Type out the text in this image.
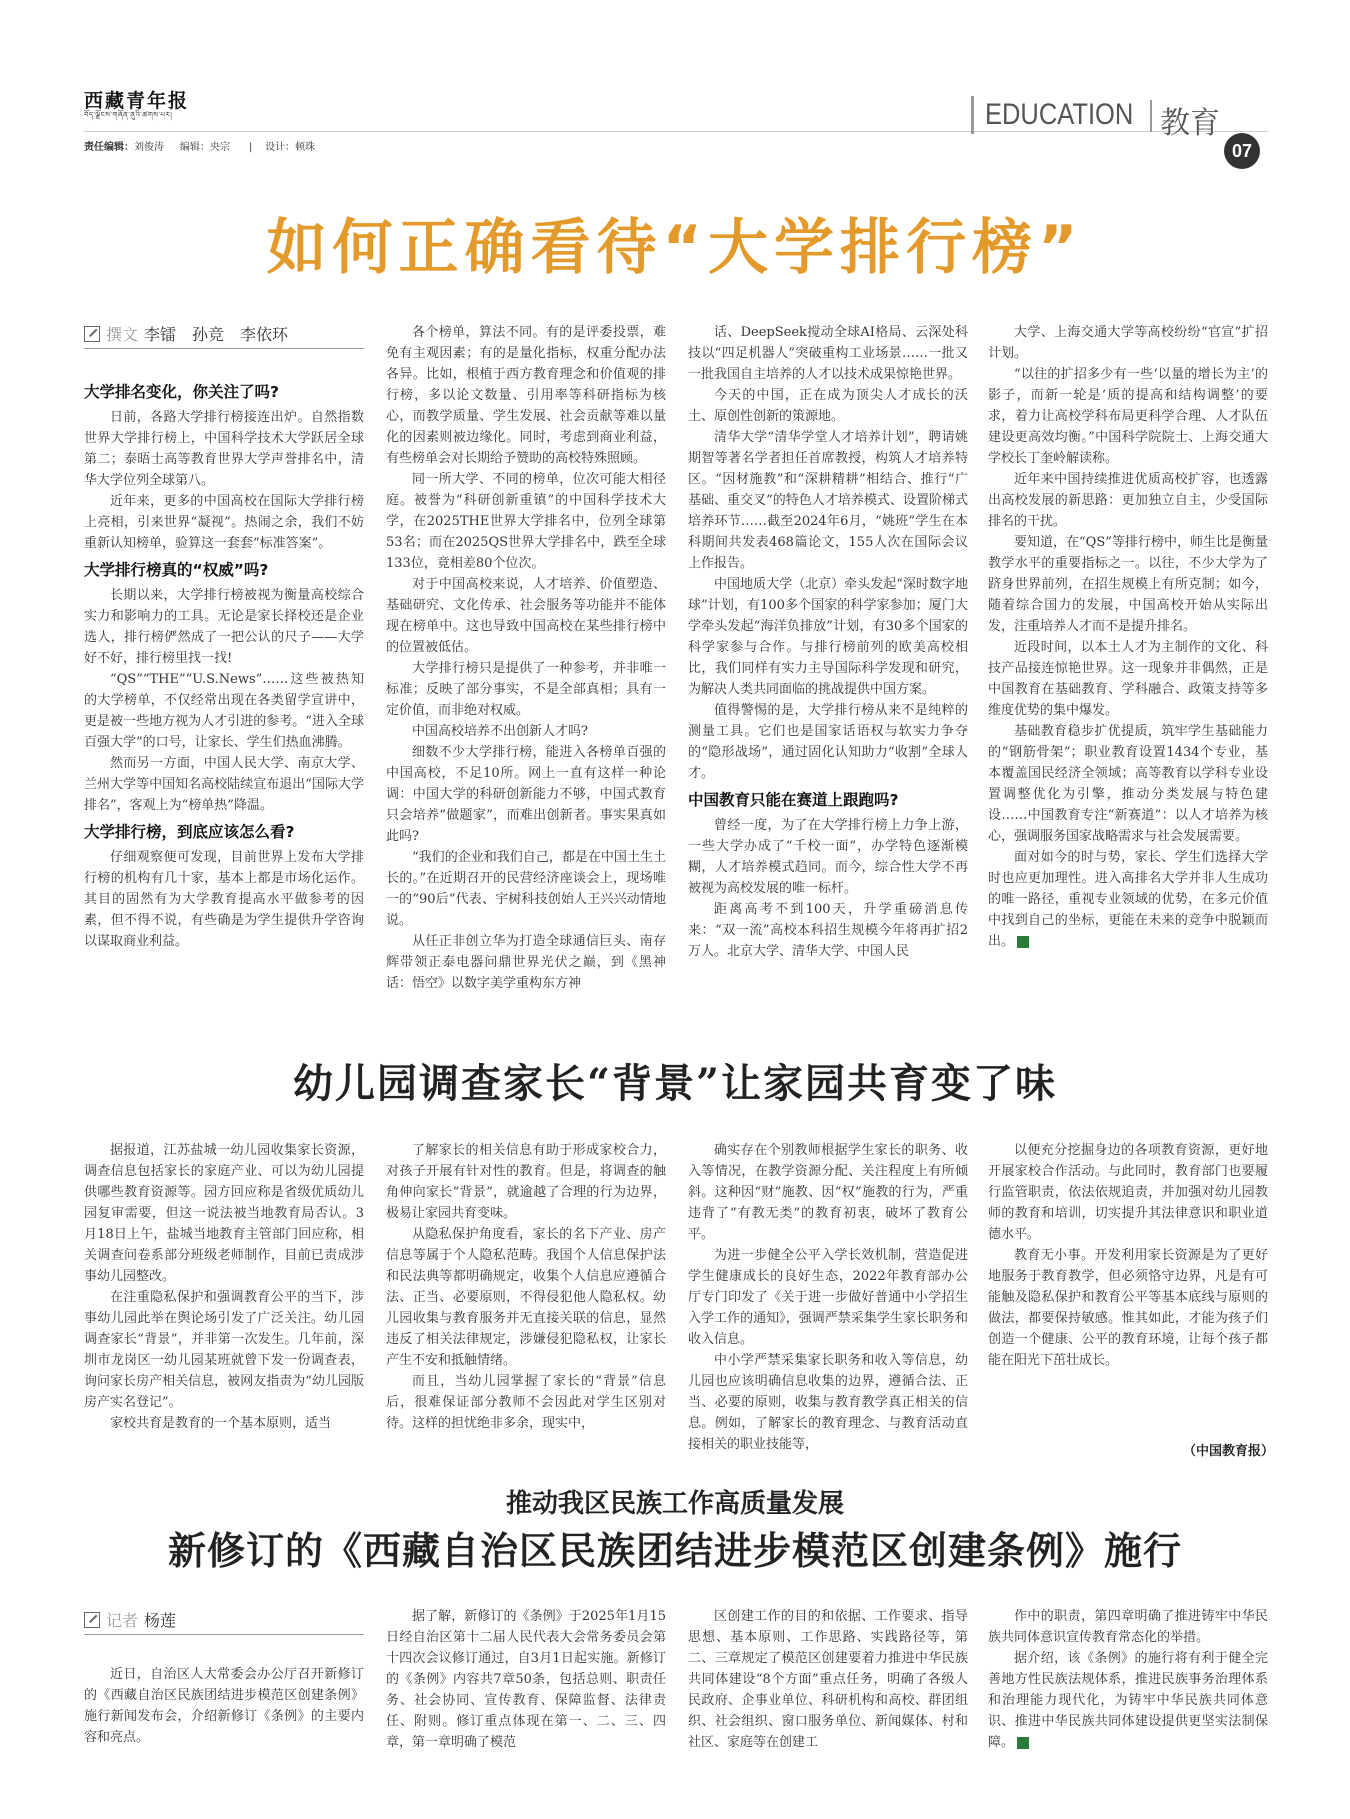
西藏青年报
བོད་ལྗོངས་གཞོན་ནུའི་ཚགས་པར།
责任编辑：刘俊涛 编辑：央宗      |    设计：顿珠
EDUCATION 教育
07
如何正确看待“大学排行榜”
撰文 李镭　孙竞　李依环
大学排名变化，你关注了吗?

日前，各路大学排行榜接连出炉。自然指数世界大学排行榜上，中国科学技术大学跃居全球第二；泰晤士高等教育世界大学声誉排名中，清华大学位列全球第八。

近年来，更多的中国高校在国际大学排行榜上亮相，引来世界“凝视”。热闹之余，我们不妨重新认知榜单，验算这一套套“标准答案”。

大学排行榜真的“权威”吗?

长期以来，大学排行榜被视为衡量高校综合实力和影响力的工具。无论是家长择校还是企业选人，排行榜俨然成了一把公认的尺子——大学好不好，排行榜里找一找!

“QS”“THE”“U.S.News”……这些被热知的大学榜单，不仅经常出现在各类留学宣讲中，更是被一些地方视为人才引进的参考。“进入全球百强大学”的口号，让家长、学生们热血沸腾。

然而另一方面，中国人民大学、南京大学、兰州大学等中国知名高校陆续宣布退出“国际大学排名”，客观上为“榜单热”降温。

大学排行榜，到底应该怎么看?

仔细观察便可发现，目前世界上发布大学排行榜的机构有几十家，基本上都是市场化运作。其目的固然有为大学教育提高水平做参考的因素，但不得不说，有些确是为学生提供升学咨询以谋取商业利益。

各个榜单，算法不同。有的是评委投票，难免有主观因素；有的是量化指标，权重分配办法各异。比如，根植于西方教育理念和价值观的排行榜，多以论文数量、引用率等科研指标为核心，而教学质量、学生发展、社会贡献等难以量化的因素则被边缘化。同时，考虑到商业利益，有些榜单会对长期给予赞助的高校特殊照顾。

同一所大学、不同的榜单，位次可能大相径庭。被誉为“科研创新重镇”的中国科学技术大学，在2025THE世界大学排名中，位列全球第53名；而在2025QS世界大学排名中，跌至全球133位，竟相差80个位次。

对于中国高校来说，人才培养、价值塑造、基础研究、文化传承、社会服务等功能并不能体现在榜单中。这也导致中国高校在某些排行榜中的位置被低估。

大学排行榜只是提供了一种参考，并非唯一标准；反映了部分事实，不是全部真相；具有一定价值，而非绝对权威。

中国高校培养不出创新人才吗?

细数不少大学排行榜，能进入各榜单百强的中国高校，不足10所。网上一直有这样一种论调：中国大学的科研创新能力不够，中国式教育只会培养“做题家”，而难出创新者。事实果真如此吗?

“我们的企业和我们自己，都是在中国土生土长的。”在近期召开的民营经济座谈会上，现场唯一的“90后”代表、宇树科技创始人王兴兴动情地说。

从任正非创立华为打造全球通信巨头、南存辉带领正泰电器问鼎世界光伏之巅，到《黑神话：悟空》以数字美学重构东方神

话、DeepSeek搅动全球AI格局、云深处科技以“四足机器人”突破重构工业场景……一批又一批我国自主培养的人才以技术成果惊艳世界。

今天的中国，正在成为顶尖人才成长的沃土、原创性创新的策源地。

清华大学“清华学堂人才培养计划”，聘请姚期智等著名学者担任首席教授，构筑人才培养特区。“因材施教”和“深耕精耕”相结合、推行“广基础、重交叉”的特色人才培养模式、设置阶梯式培养环节……截至2024年6月，“姚班”学生在本科期间共发表468篇论文，155人次在国际会议上作报告。

中国地质大学（北京）牵头发起“深时数字地球”计划，有100多个国家的科学家参加；厦门大学牵头发起“海洋负排放”计划，有30多个国家的科学家参与合作。与排行榜前列的欧美高校相比，我们同样有实力主导国际科学发现和研究，为解决人类共同面临的挑战提供中国方案。

值得警惕的是，大学排行榜从来不是纯粹的测量工具。它们也是国家话语权与软实力争夺的“隐形战场”，通过固化认知助力“收割”全球人才。

中国教育只能在赛道上跟跑吗?

曾经一度，为了在大学排行榜上力争上游，一些大学办成了“千校一面”，办学特色逐渐模糊，人才培养模式趋同。而今，综合性大学不再被视为高校发展的唯一标杆。

距离高考不到100天，升学重磅消息传来：“双一流”高校本科招生规模今年将再扩招2万人。北京大学、清华大学、中国人民

大学、上海交通大学等高校纷纷“官宣”扩招计划。

“以往的扩招多少有一些‘以量的增长为主’的影子，而新一轮是‘质的提高和结构调整’的要求，着力让高校学科布局更科学合理、人才队伍建设更高效均衡。”中国科学院院士、上海交通大学校长丁奎岭解读称。

近年来中国持续推进优质高校扩容，也透露出高校发展的新思路：更加独立自主，少受国际排名的干扰。

要知道，在“QS”等排行榜中，师生比是衡量教学水平的重要指标之一。以往，不少大学为了跻身世界前列，在招生规模上有所克制；如今，随着综合国力的发展，中国高校开始从实际出发，注重培养人才而不是提升排名。

近段时间，以本土人才为主制作的文化、科技产品接连惊艳世界。这一现象并非偶然，正是中国教育在基础教育、学科融合、政策支持等多维度优势的集中爆发。

基础教育稳步扩优提质，筑牢学生基础能力的“钢筋骨架”；职业教育设置1434个专业，基本覆盖国民经济全领域；高等教育以学科专业设置调整优化为引擎，推动分类发展与特色建设……中国教育专注“新赛道”：以人才培养为核心，强调服务国家战略需求与社会发展需要。

面对如今的时与势，家长、学生们选择大学时也应更加理性。进入高排名大学并非人生成功的唯一路径，重视专业领域的优势，在多元价值中找到自己的坐标，更能在未来的竞争中脱颖而出。

幼儿园调查家长“背景”让家园共育变了味

据报道，江苏盐城一幼儿园收集家长资源，调查信息包括家长的家庭产业、可以为幼儿园提供哪些教育资源等。园方回应称是省级优质幼儿园复审需要，但这一说法被当地教育局否认。3月18日上午，盐城当地教育主管部门回应称，相关调查问卷系部分班级老师制作，目前已责成涉事幼儿园整改。

在注重隐私保护和强调教育公平的当下，涉事幼儿园此举在舆论场引发了广泛关注。幼儿园调查家长“背景”，并非第一次发生。几年前，深圳市龙岗区一幼儿园某班就曾下发一份调查表，询问家长房产相关信息，被网友指责为“幼儿园版房产实名登记”。

家校共育是教育的一个基本原则，适当

了解家长的相关信息有助于形成家校合力，对孩子开展有针对性的教育。但是，将调查的触角伸向家长“背景”，就逾越了合理的行为边界，极易让家园共育变味。

从隐私保护角度看，家长的名下产业、房产信息等属于个人隐私范畴。我国个人信息保护法和民法典等都明确规定，收集个人信息应遵循合法、正当、必要原则，不得侵犯他人隐私权。幼儿园收集与教育服务并无直接关联的信息，显然违反了相关法律规定，涉嫌侵犯隐私权，让家长产生不安和抵触情绪。

而且，当幼儿园掌握了家长的“背景”信息后，很难保证部分教师不会因此对学生区别对待。这样的担忧绝非多余，现实中，

确实存在个别教师根据学生家长的职务、收入等情况，在教学资源分配、关注程度上有所倾斜。这种因“财”施教、因“权”施教的行为，严重违背了“有教无类”的教育初衷，破坏了教育公平。

为进一步健全公平入学长效机制，营造促进学生健康成长的良好生态，2022年教育部办公厅专门印发了《关于进一步做好普通中小学招生入学工作的通知》，强调严禁采集学生家长职务和收入信息。

中小学严禁采集家长职务和收入等信息，幼儿园也应该明确信息收集的边界，遵循合法、正当、必要的原则，收集与教育教学真正相关的信息。例如，了解家长的教育理念、与教育活动直接相关的职业技能等，

以便充分挖掘身边的各项教育资源，更好地开展家校合作活动。与此同时，教育部门也要履行监管职责，依法依规追责，并加强对幼儿园教师的教育和培训，切实提升其法律意识和职业道德水平。

教育无小事。开发利用家长资源是为了更好地服务于教育教学，但必须恪守边界，凡是有可能触及隐私保护和教育公平等基本底线与原则的做法，都要保持敏感。惟其如此，才能为孩子们创造一个健康、公平的教育环境，让每个孩子都能在阳光下茁壮成长。

（中国教育报）
推动我区民族工作高质量发展
新修订的《西藏自治区民族团结进步模范区创建条例》施行
记者 杨莲

近日，自治区人大常委会办公厅召开新修订的《西藏自治区民族团结进步模范区创建条例》施行新闻发布会，介绍新修订《条例》的主要内容和亮点。

据了解，新修订的《条例》于2025年1月15日经自治区第十二届人民代表大会常务委员会第十四次会议修订通过，自3月1日起实施。新修订的《条例》内容共7章50条，包括总则、职责任务、社会协同、宣传教育、保障监督、法律责任、附则。修订重点体现在第一、二、三、四章，第一章明确了模范

区创建工作的目的和依据、工作要求、指导思想、基本原则、工作思路、实践路径等，第二、三章规定了模范区创建要着力推进中华民族共同体建设“8个方面”重点任务，明确了各级人民政府、企事业单位、科研机构和高校、群团组织、社会组织、窗口服务单位、新闻媒体、村和社区、家庭等在创建工

作中的职责，第四章明确了推进铸牢中华民族共同体意识宣传教育常态化的举措。

据介绍，该《条例》的施行将有利于健全完善地方性民族法规体系，推进民族事务治理体系和治理能力现代化，为铸牢中华民族共同体意识、推进中华民族共同体建设提供更坚实法制保障。
